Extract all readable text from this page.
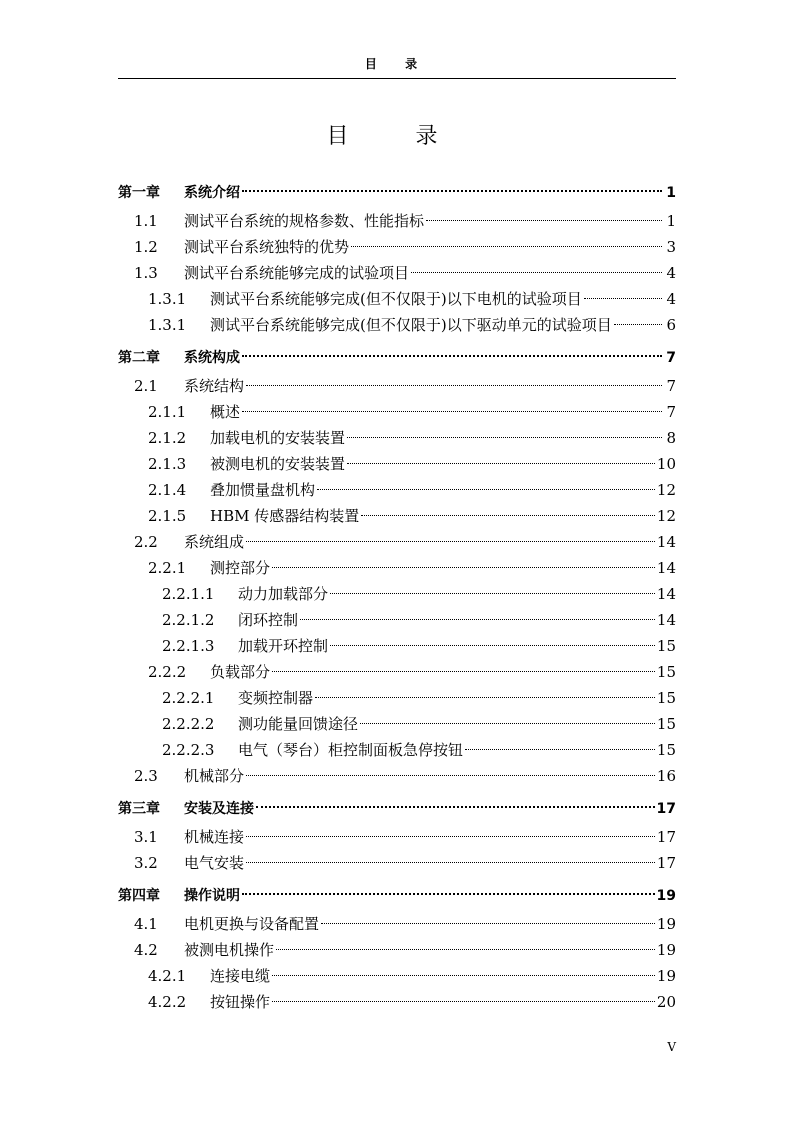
目 录
目 录
第一章	系统介绍	1
1.1	测试平台系统的规格参数、性能指标	1
1.2	测试平台系统独特的优势	3
1.3	测试平台系统能够完成的试验项目	4
1.3.1	测试平台系统能够完成(但不仅限于)以下电机的试验项目	4
1.3.1	测试平台系统能够完成(但不仅限于)以下驱动单元的试验项目	6
第二章	系统构成	7
2.1	系统结构	7
2.1.1	概述	7
2.1.2	加载电机的安装装置	8
2.1.3	被测电机的安装装置	10
2.1.4	叠加惯量盘机构	12
2.1.5	HBM 传感器结构装置	12
2.2	系统组成	14
2.2.1	测控部分	14
2.2.1.1	动力加载部分	14
2.2.1.2	闭环控制	14
2.2.1.3	加载开环控制	15
2.2.2	负载部分	15
2.2.2.1	变频控制器	15
2.2.2.2	测功能量回馈途径	15
2.2.2.3	电气（琴台）柜控制面板急停按钮	15
2.3	机械部分	16
第三章	安装及连接	17
3.1	机械连接	17
3.2	电气安装	17
第四章	操作说明	19
4.1	电机更换与设备配置	19
4.2	被测电机操作	19
4.2.1	连接电缆	19
4.2.2	按钮操作	20
V
